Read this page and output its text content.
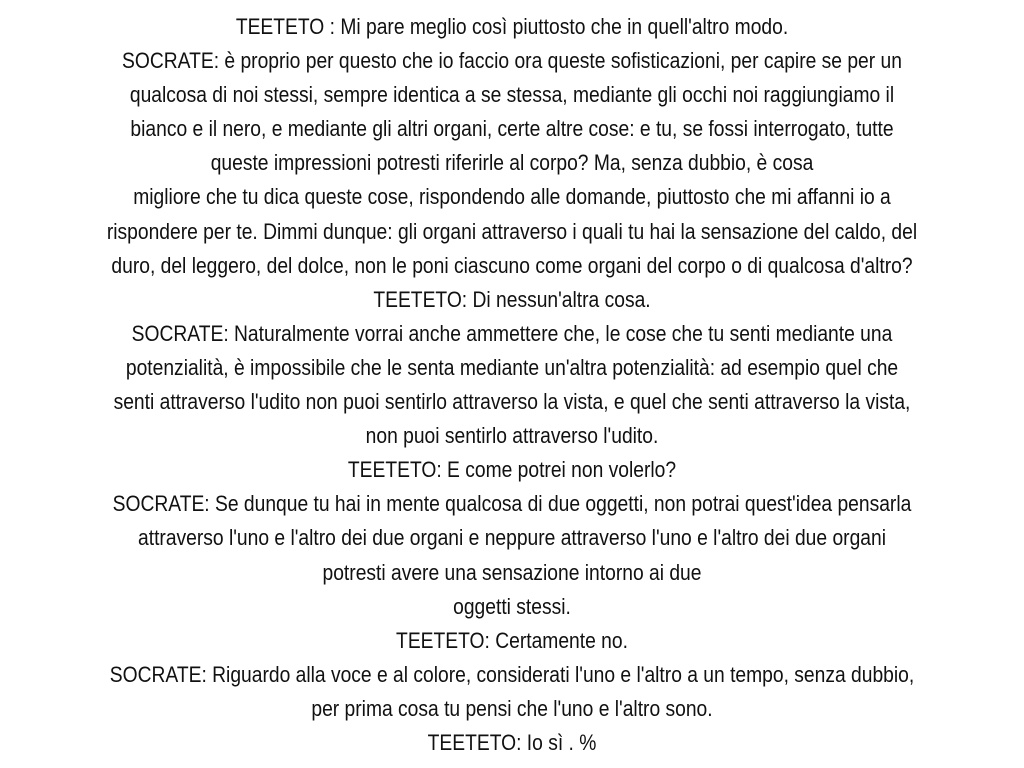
TEETETO : Mi pare meglio così piuttosto che in quell'altro modo.
SOCRATE: è proprio per questo che io faccio ora queste sofisticazioni, per capire se per un
qualcosa di noi stessi, sempre identica a se stessa, mediante gli occhi noi raggiungiamo il
bianco e il nero, e mediante gli altri organi, certe altre cose: e tu, se fossi interrogato, tutte
queste impressioni potresti riferirle al corpo? Ma, senza dubbio, è cosa
migliore che tu dica queste cose, rispondendo alle domande, piuttosto che mi affanni io a
rispondere per te. Dimmi dunque: gli organi attraverso i quali tu hai la sensazione del caldo, del
duro, del leggero, del dolce, non le poni ciascuno come organi del corpo o di qualcosa d'altro?
TEETETO: Di nessun'altra cosa.
SOCRATE: Naturalmente vorrai anche ammettere che, le cose che tu senti mediante una
potenzialità, è impossibile che le senta mediante un'altra potenzialità: ad esempio quel che
senti attraverso l'udito non puoi sentirlo attraverso la vista, e quel che senti attraverso la vista,
non puoi sentirlo attraverso l'udito.
TEETETO: E come potrei non volerlo?
SOCRATE: Se dunque tu hai in mente qualcosa di due oggetti, non potrai quest'idea pensarla
attraverso l'uno e l'altro dei due organi e neppure attraverso l'uno e l'altro dei due organi
potresti avere una sensazione intorno ai due
oggetti stessi.
TEETETO: Certamente no.
SOCRATE: Riguardo alla voce e al colore, considerati l'uno e l'altro a un tempo, senza dubbio,
per prima cosa tu pensi che l'uno e l'altro sono.
TEETETO: Io sì . %
